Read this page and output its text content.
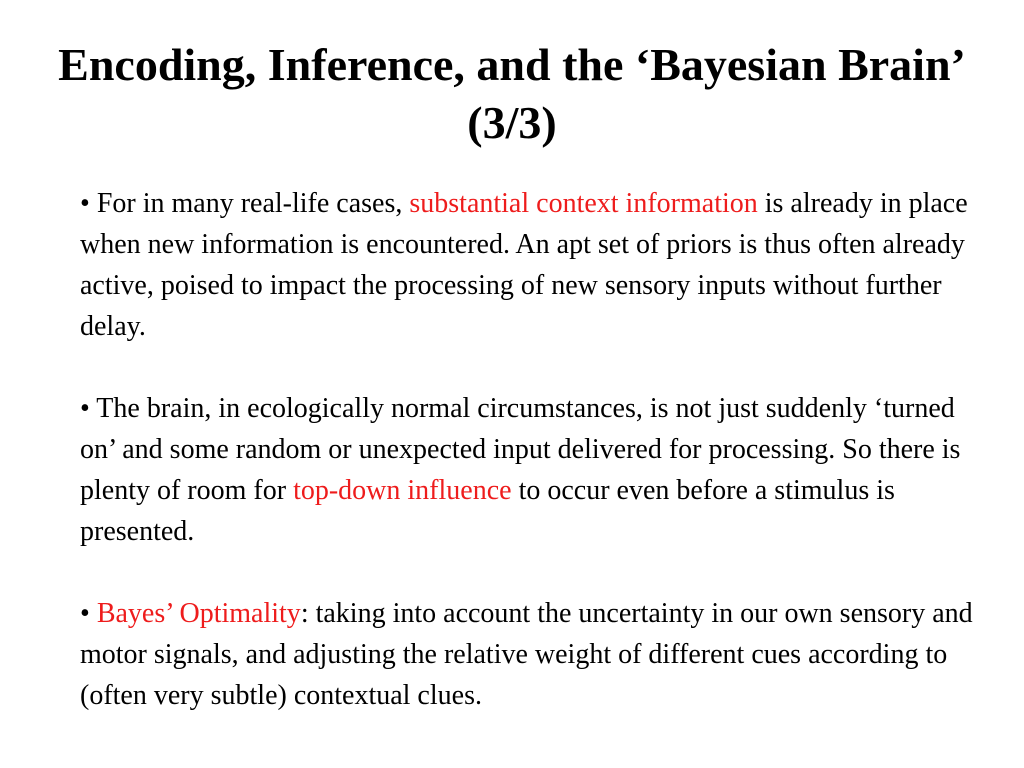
Encoding, Inference, and the ‘Bayesian Brain’ (3/3)

• For in many real-life cases, substantial context information is already in place when new information is encountered. An apt set of priors is thus often already active, poised to impact the processing of new sensory inputs without further delay.

• The brain, in ecologically normal circumstances, is not just suddenly ‘turned on’ and some random or unexpected input delivered for processing. So there is plenty of room for top-down influence to occur even before a stimulus is presented.

• Bayes’ Optimality: taking into account the uncertainty in our own sensory and motor signals, and adjusting the relative weight of different cues according to (often very subtle) contextual clues.
